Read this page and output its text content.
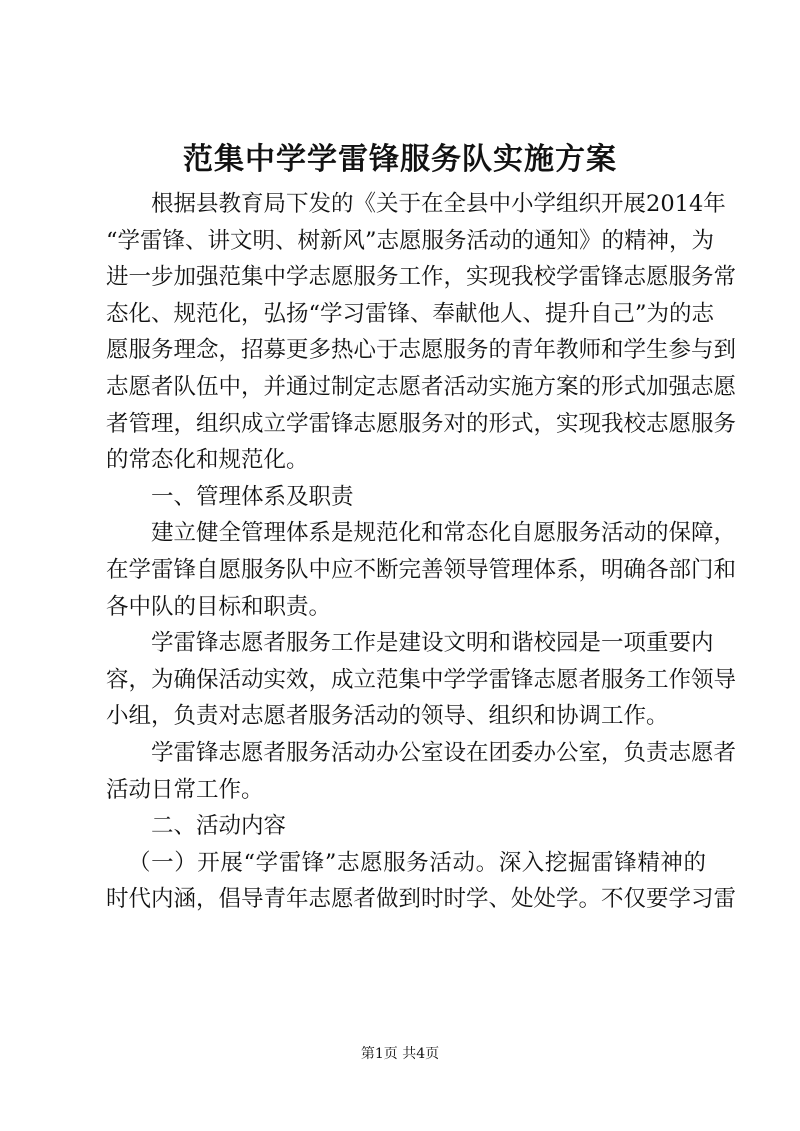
范集中学学雷锋服务队实施方案
根据县教育局下发的《关于在全县中小学组织开展2014年
“学雷锋、讲文明、树新风”志愿服务活动的通知》的精神，为
进一步加强范集中学志愿服务工作，实现我校学雷锋志愿服务常
态化、规范化，弘扬“学习雷锋、奉献他人、提升自己”为的志
愿服务理念，招募更多热心于志愿服务的青年教师和学生参与到
志愿者队伍中，并通过制定志愿者活动实施方案的形式加强志愿
者管理，组织成立学雷锋志愿服务对的形式，实现我校志愿服务
的常态化和规范化。
一、管理体系及职责
建立健全管理体系是规范化和常态化自愿服务活动的保障，
在学雷锋自愿服务队中应不断完善领导管理体系，明确各部门和
各中队的目标和职责。
学雷锋志愿者服务工作是建设文明和谐校园是一项重要内
容，为确保活动实效，成立范集中学学雷锋志愿者服务工作领导
小组，负责对志愿者服务活动的领导、组织和协调工作。
学雷锋志愿者服务活动办公室设在团委办公室，负责志愿者
活动日常工作。
二、活动内容
（一）开展“学雷锋”志愿服务活动。深入挖掘雷锋精神的
时代内涵，倡导青年志愿者做到时时学、处处学。不仅要学习雷
第1页 共4页
